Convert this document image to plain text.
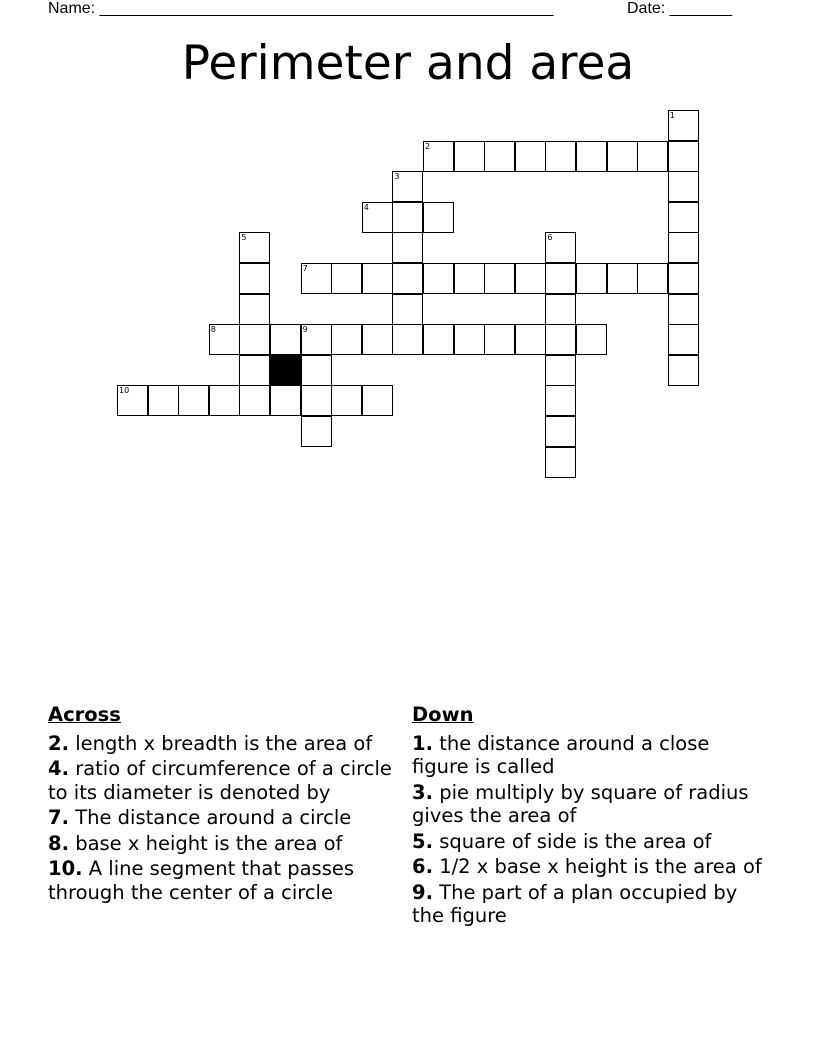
Name: ___________________________________________________	Date: _______
Perimeter and area
1
2
3
4
5	6
7
8	9
10
Across
2. length x breadth is the area of
4. ratio of circumference of a circle to its diameter is denoted by
7. The distance around a circle
8. base x height is the area of
10. A line segment that passes through the center of a circle
Down
1. the distance around a close figure is called
3. pie multiply by square of radius gives the area of
5. square of side is the area of
6. 1/2 x base x height is the area of
9. The part of a plan occupied by the figure
